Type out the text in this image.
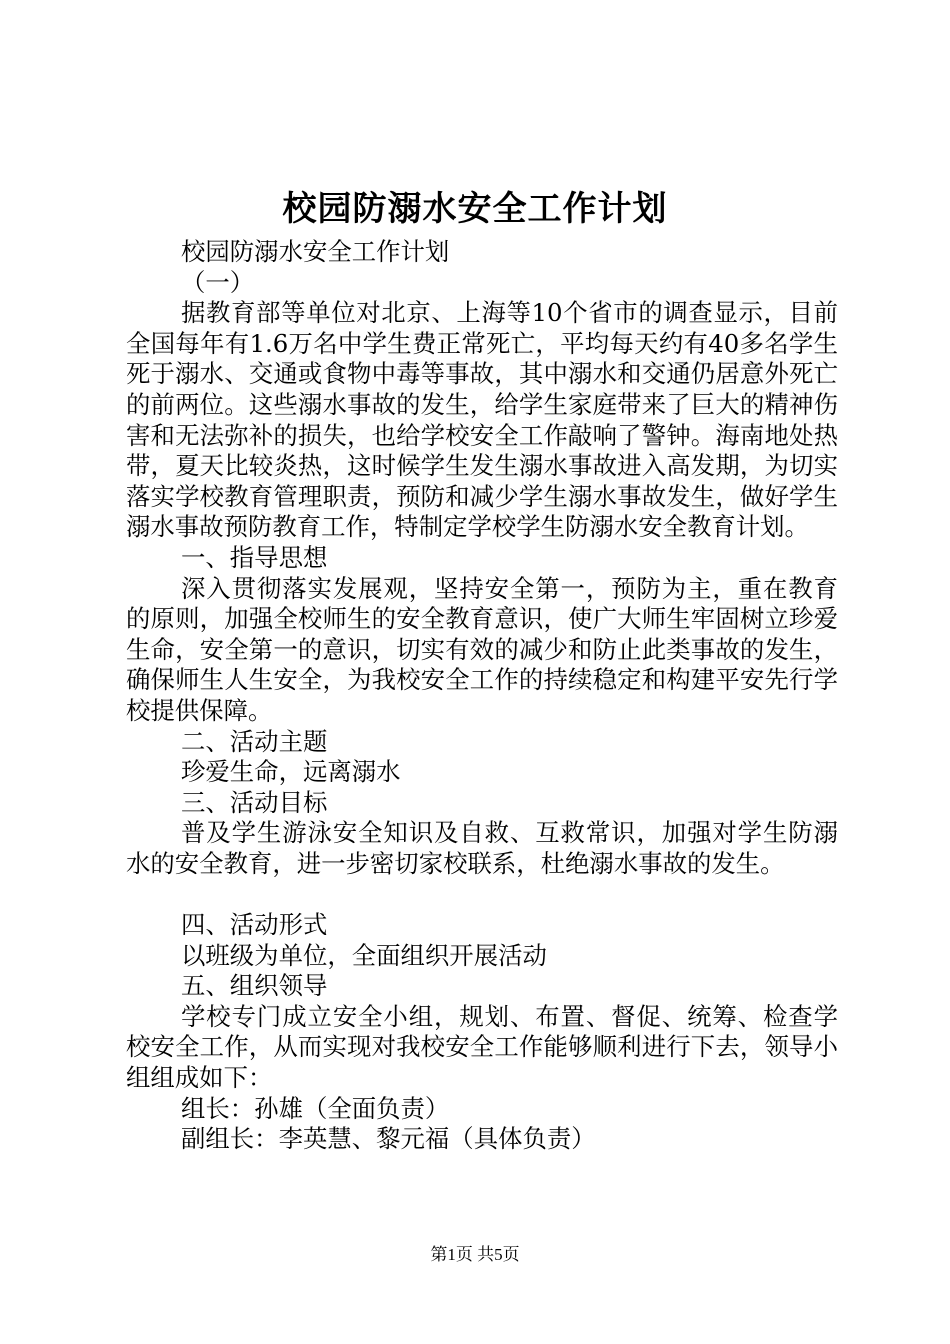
校园防溺水安全工作计划

校园防溺水安全工作计划

（一）

据教育部等单位对北京、上海等10个省市的调查显示，目前全国每年有1.6万名中学生费正常死亡，平均每天约有40多名学生死于溺水、交通或食物中毒等事故，其中溺水和交通仍居意外死亡的前两位。这些溺水事故的发生，给学生家庭带来了巨大的精神伤害和无法弥补的损失，也给学校安全工作敲响了警钟。海南地处热带，夏天比较炎热，这时候学生发生溺水事故进入高发期，为切实落实学校教育管理职责，预防和减少学生溺水事故发生，做好学生溺水事故预防教育工作，特制定学校学生防溺水安全教育计划。

一、指导思想

深入贯彻落实发展观，坚持安全第一，预防为主，重在教育的原则，加强全校师生的安全教育意识，使广大师生牢固树立珍爱生命，安全第一的意识，切实有效的减少和防止此类事故的发生，确保师生人生安全，为我校安全工作的持续稳定和构建平安先行学校提供保障。

二、活动主题

珍爱生命，远离溺水

三、活动目标

普及学生游泳安全知识及自救、互救常识，加强对学生防溺水的安全教育，进一步密切家校联系，杜绝溺水事故的发生。

四、活动形式

以班级为单位，全面组织开展活动

五、组织领导

学校专门成立安全小组，规划、布置、督促、统筹、检查学校安全工作，从而实现对我校安全工作能够顺利进行下去，领导小组组成如下：

组长：孙雄（全面负责）

副组长：李英慧、黎元福（具体负责）

第1页 共5页
